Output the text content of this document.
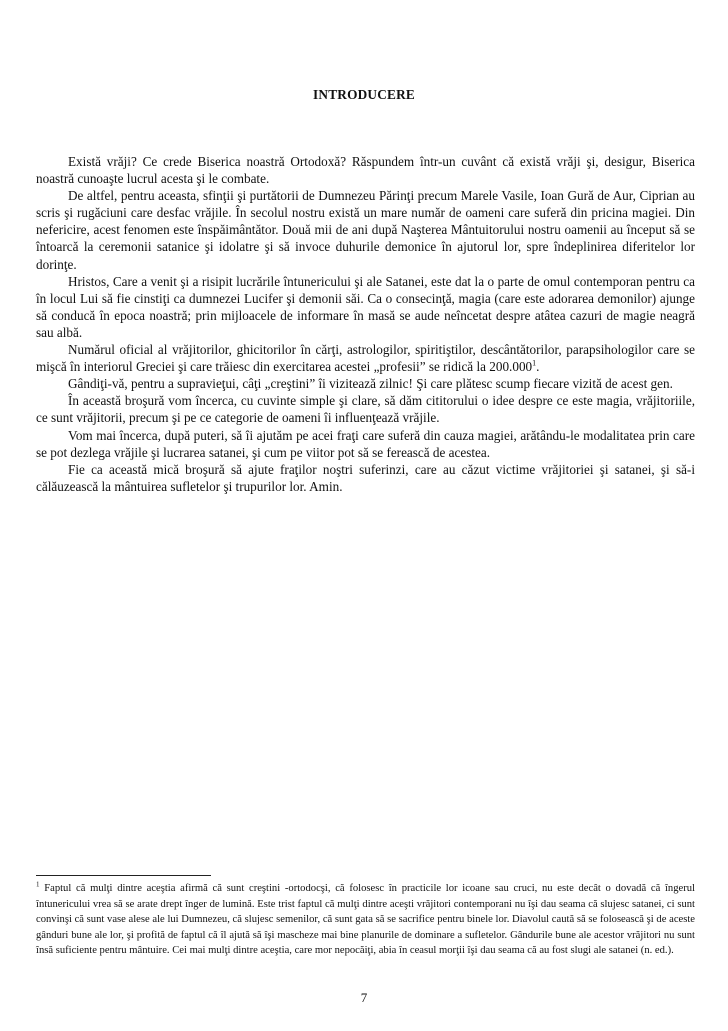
INTRODUCERE

Există vrăji? Ce crede Biserica noastră Ortodoxă? Răspundem într-un cuvânt că există vrăji şi, desigur, Biserica noastră cunoaşte lucrul acesta şi le combate.

De altfel, pentru aceasta, sfinţii şi purtătorii de Dumnezeu Părinţi precum Marele Vasile, Ioan Gură de Aur, Ciprian au scris şi rugăciuni care desfac vrăjile. În secolul nostru există un mare număr de oameni care suferă din pricina magiei. Din nefericire, acest fenomen este înspăimântător. Două mii de ani după Naşterea Mântuitorului nostru oamenii au început să se întoarcă la ceremonii satanice şi idolatre şi să invoce duhurile demonice în ajutorul lor, spre îndeplinirea diferitelor lor dorinţe.

Hristos, Care a venit şi a risipit lucrările întunericului şi ale Satanei, este dat la o parte de omul contemporan pentru ca în locul Lui să fie cinstiţi ca dumnezei Lucifer şi demonii săi. Ca o consecinţă, magia (care este adorarea demonilor) ajunge să conducă în epoca noastră; prin mijloacele de informare în masă se aude neîncetat despre atâtea cazuri de magie neagră sau albă.

Numărul oficial al vrăjitorilor, ghicitorilor în cărţi, astrologilor, spiritiştilor, descântătorilor, parapsihologilor care se mişcă în interiorul Greciei şi care trăiesc din exercitarea acestei „profesii” se ridică la 200.000$^1$.

Gândiţi-vă, pentru a supravieţui, câţi „creştini” îi vizitează zilnic! Şi care plătesc scump fiecare vizită de acest gen.

În această broşură vom încerca, cu cuvinte simple şi clare, să dăm cititorului o idee despre ce este magia, vrăjitoriile, ce sunt vrăjitorii, precum şi pe ce categorie de oameni îi influenţează vrăjile.

Vom mai încerca, după puteri, să îi ajutăm pe acei fraţi care suferă din cauza magiei, arătându-le modalitatea prin care se pot dezlega vrăjile şi lucrarea satanei, şi cum pe viitor pot să se ferească de acestea.

Fie ca această mică broşură să ajute fraţilor noştri suferinzi, care au căzut victime vrăjitoriei şi satanei, şi să-i călăuzească la mântuirea sufletelor şi trupurilor lor. Amin.

$^1$ Faptul că mulţi dintre aceştia afirmă că sunt creştini -ortodocşi, că folosesc în practicile lor icoane sau cruci, nu este decât o dovadă că îngerul întunericului vrea să se arate drept înger de lumină. Este trist faptul că mulţi dintre aceşti vrăjitori contemporani nu îşi dau seama că slujesc satanei, ci sunt convinşi că sunt vase alese ale lui Dumnezeu, că slujesc semenilor, că sunt gata să se sacrifice pentru binele lor. Diavolul caută să se folosească şi de aceste gânduri bune ale lor, şi profită de faptul că îl ajută să îşi mascheze mai bine planurile de dominare a sufletelor. Gândurile bune ale acestor vrăjitori nu sunt însă suficiente pentru mântuire. Cei mai mulţi dintre aceştia, care mor nepocăiţi, abia în ceasul morţii îşi dau seama că au fost slugi ale satanei (n. ed.).
7
